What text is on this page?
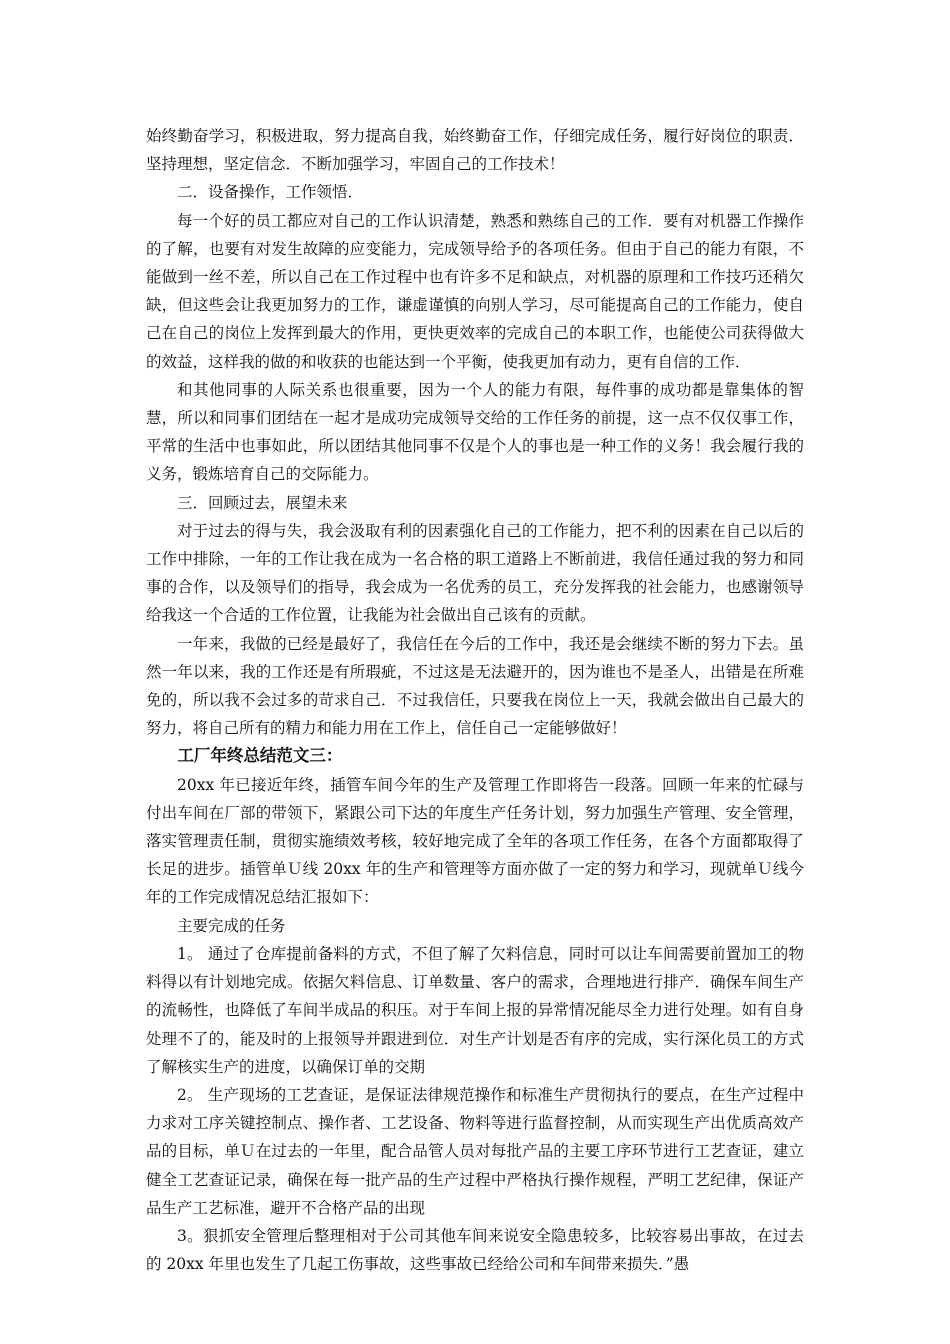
始终勤奋学习，积极进取，努力提高自我，始终勤奋工作，仔细完成任务，履行好岗位的职责．坚持理想，坚定信念．不断加强学习，牢固自己的工作技术！

二．设备操作，工作领悟．

每一个好的员工都应对自己的工作认识清楚，熟悉和熟练自己的工作．要有对机器工作操作的了解，也要有对发生故障的应变能力，完成领导给予的各项任务。但由于自己的能力有限，不能做到一丝不差，所以自己在工作过程中也有许多不足和缺点，对机器的原理和工作技巧还稍欠缺，但这些会让我更加努力的工作，谦虚谨慎的向别人学习，尽可能提高自己的工作能力，使自己在自己的岗位上发挥到最大的作用，更快更效率的完成自己的本职工作，也能使公司获得做大的效益，这样我的做的和收获的也能达到一个平衡，使我更加有动力，更有自信的工作．

和其他同事的人际关系也很重要，因为一个人的能力有限，每件事的成功都是靠集体的智慧，所以和同事们团结在一起才是成功完成领导交给的工作任务的前提，这一点不仅仅事工作，平常的生活中也事如此，所以团结其他同事不仅是个人的事也是一种工作的义务！我会履行我的义务，锻炼培育自己的交际能力。

三．回顾过去，展望未来

对于过去的得与失，我会汲取有利的因素强化自己的工作能力，把不利的因素在自己以后的工作中排除，一年的工作让我在成为一名合格的职工道路上不断前进，我信任通过我的努力和同事的合作，以及领导们的指导，我会成为一名优秀的员工，充分发挥我的社会能力，也感谢领导给我这一个合适的工作位置，让我能为社会做出自己该有的贡献。

一年来，我做的已经是最好了，我信任在今后的工作中，我还是会继续不断的努力下去。虽然一年以来，我的工作还是有所瑕疵，不过这是无法避开的，因为谁也不是圣人，出错是在所难免的，所以我不会过多的苛求自己．不过我信任，只要我在岗位上一天，我就会做出自己最大的努力，将自己所有的精力和能力用在工作上，信任自己一定能够做好！

工厂年终总结范文三：

20xx 年已接近年终，插管车间今年的生产及管理工作即将告一段落。回顾一年来的忙碌与付出车间在厂部的带领下，紧跟公司下达的年度生产任务计划，努力加强生产管理、安全管理，落实管理责任制，贯彻实施绩效考核，较好地完成了全年的各项工作任务，在各个方面都取得了长足的进步。插管单Ｕ线 20xx 年的生产和管理等方面亦做了一定的努力和学习，现就单Ｕ线今年的工作完成情况总结汇报如下：

主要完成的任务

1。 通过了仓库提前备料的方式，不但了解了欠料信息，同时可以让车间需要前置加工的物料得以有计划地完成。依据欠料信息、订单数量、客户的需求，合理地进行排产．确保车间生产的流畅性，也降低了车间半成品的积压。对于车间上报的异常情况能尽全力进行处理。如有自身处理不了的，能及时的上报领导并跟进到位．对生产计划是否有序的完成，实行深化员工的方式了解核实生产的进度，以确保订单的交期

2。 生产现场的工艺查证，是保证法律规范操作和标准生产贯彻执行的要点，在生产过程中力求对工序关键控制点、操作者、工艺设备、物料等进行监督控制，从而实现生产出优质高效产品的目标，单Ｕ在过去的一年里，配合品管人员对每批产品的主要工序环节进行工艺查证，建立健全工艺查证记录，确保在每一批产品的生产过程中严格执行操作规程，严明工艺纪律，保证产品生产工艺标准，避开不合格产品的出现

3。狠抓安全管理后整理相对于公司其他车间来说安全隐患较多，比较容易出事故，在过去的 20xx 年里也发生了几起工伤事故，这些事故已经给公司和车间带来损失．”愚
